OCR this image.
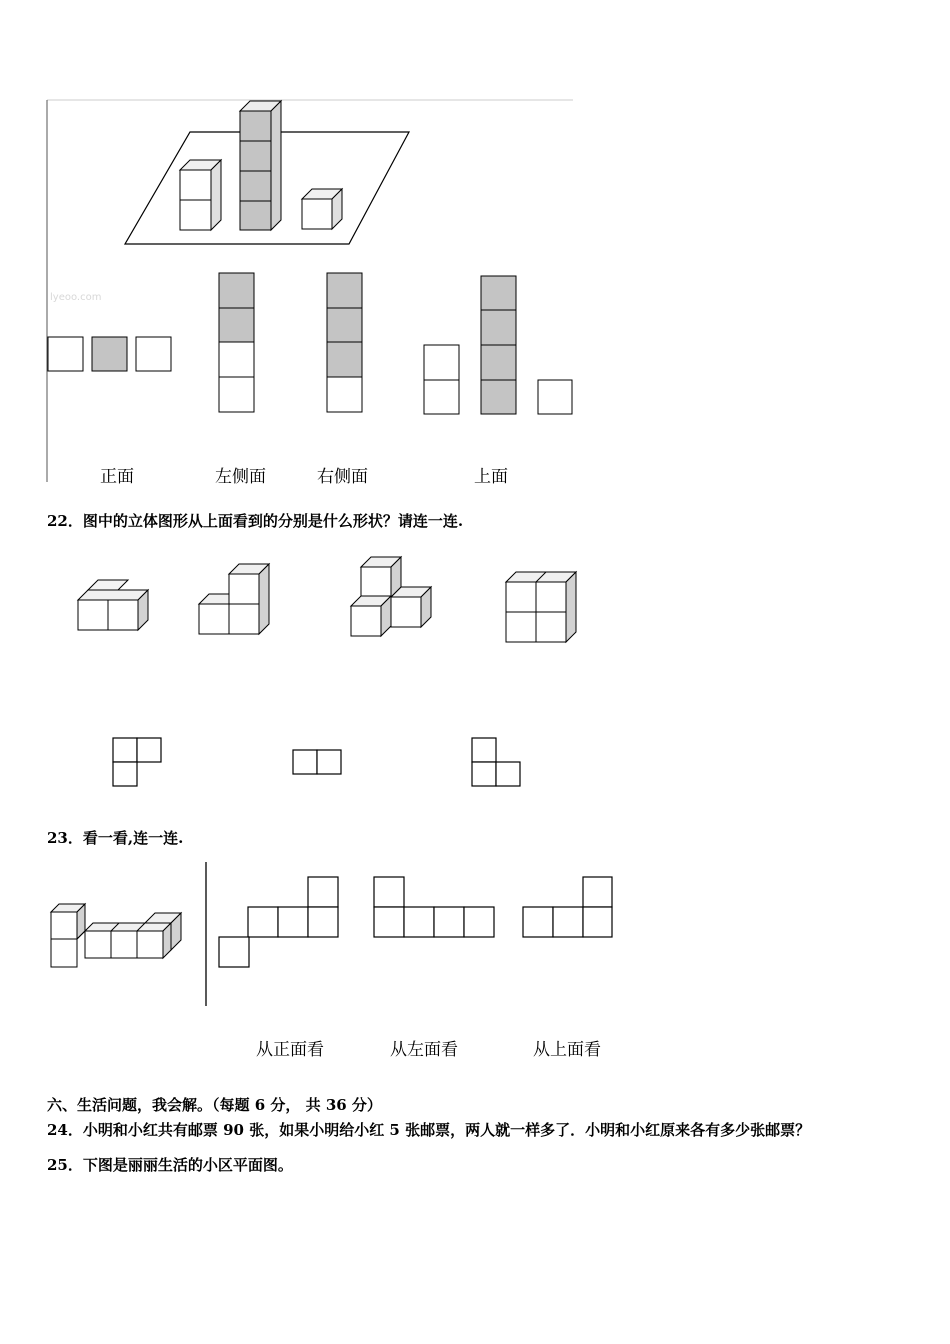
lyeoo.com
正面	左侧面	右侧面	上面
22．图中的立体图形从上面看到的分别是什么形状？请连一连.
23．看一看,连一连.
从正面看	从左面看	从上面看
六、生活问题，我会解。（每题 6 分， 共 36 分）
24．小明和小红共有邮票 90 张，如果小明给小红 5 张邮票，两人就一样多了．小明和小红原来各有多少张邮票？
25．下图是丽丽生活的小区平面图。
